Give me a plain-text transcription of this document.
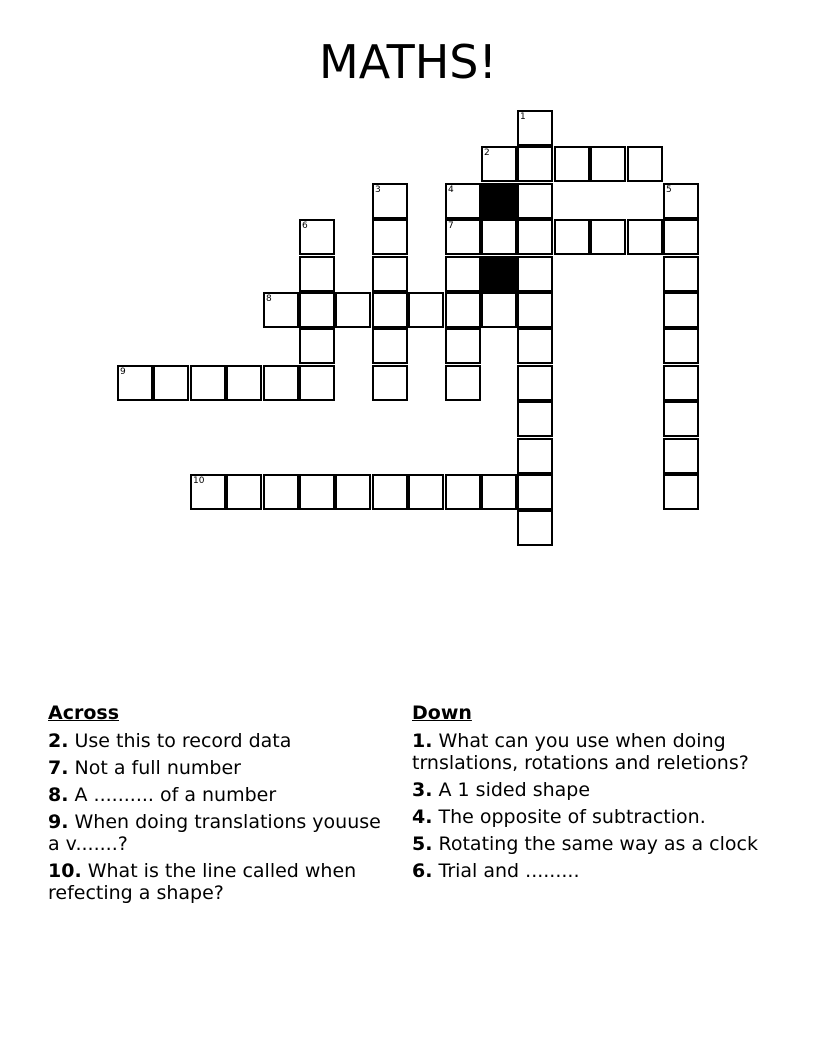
MATHS!
1
2
3	4	5
6	7
8
9
10
Across
2. Use this to record data
7. Not a full number
8. A .......... of a number
9. When doing translations youuse a v.......?
10. What is the line called when refecting a shape?
Down
1. What can you use when doing trnslations, rotations and reletions?
3. A 1 sided shape
4. The opposite of subtraction.
5. Rotating the same way as a clock
6. Trial and .........
